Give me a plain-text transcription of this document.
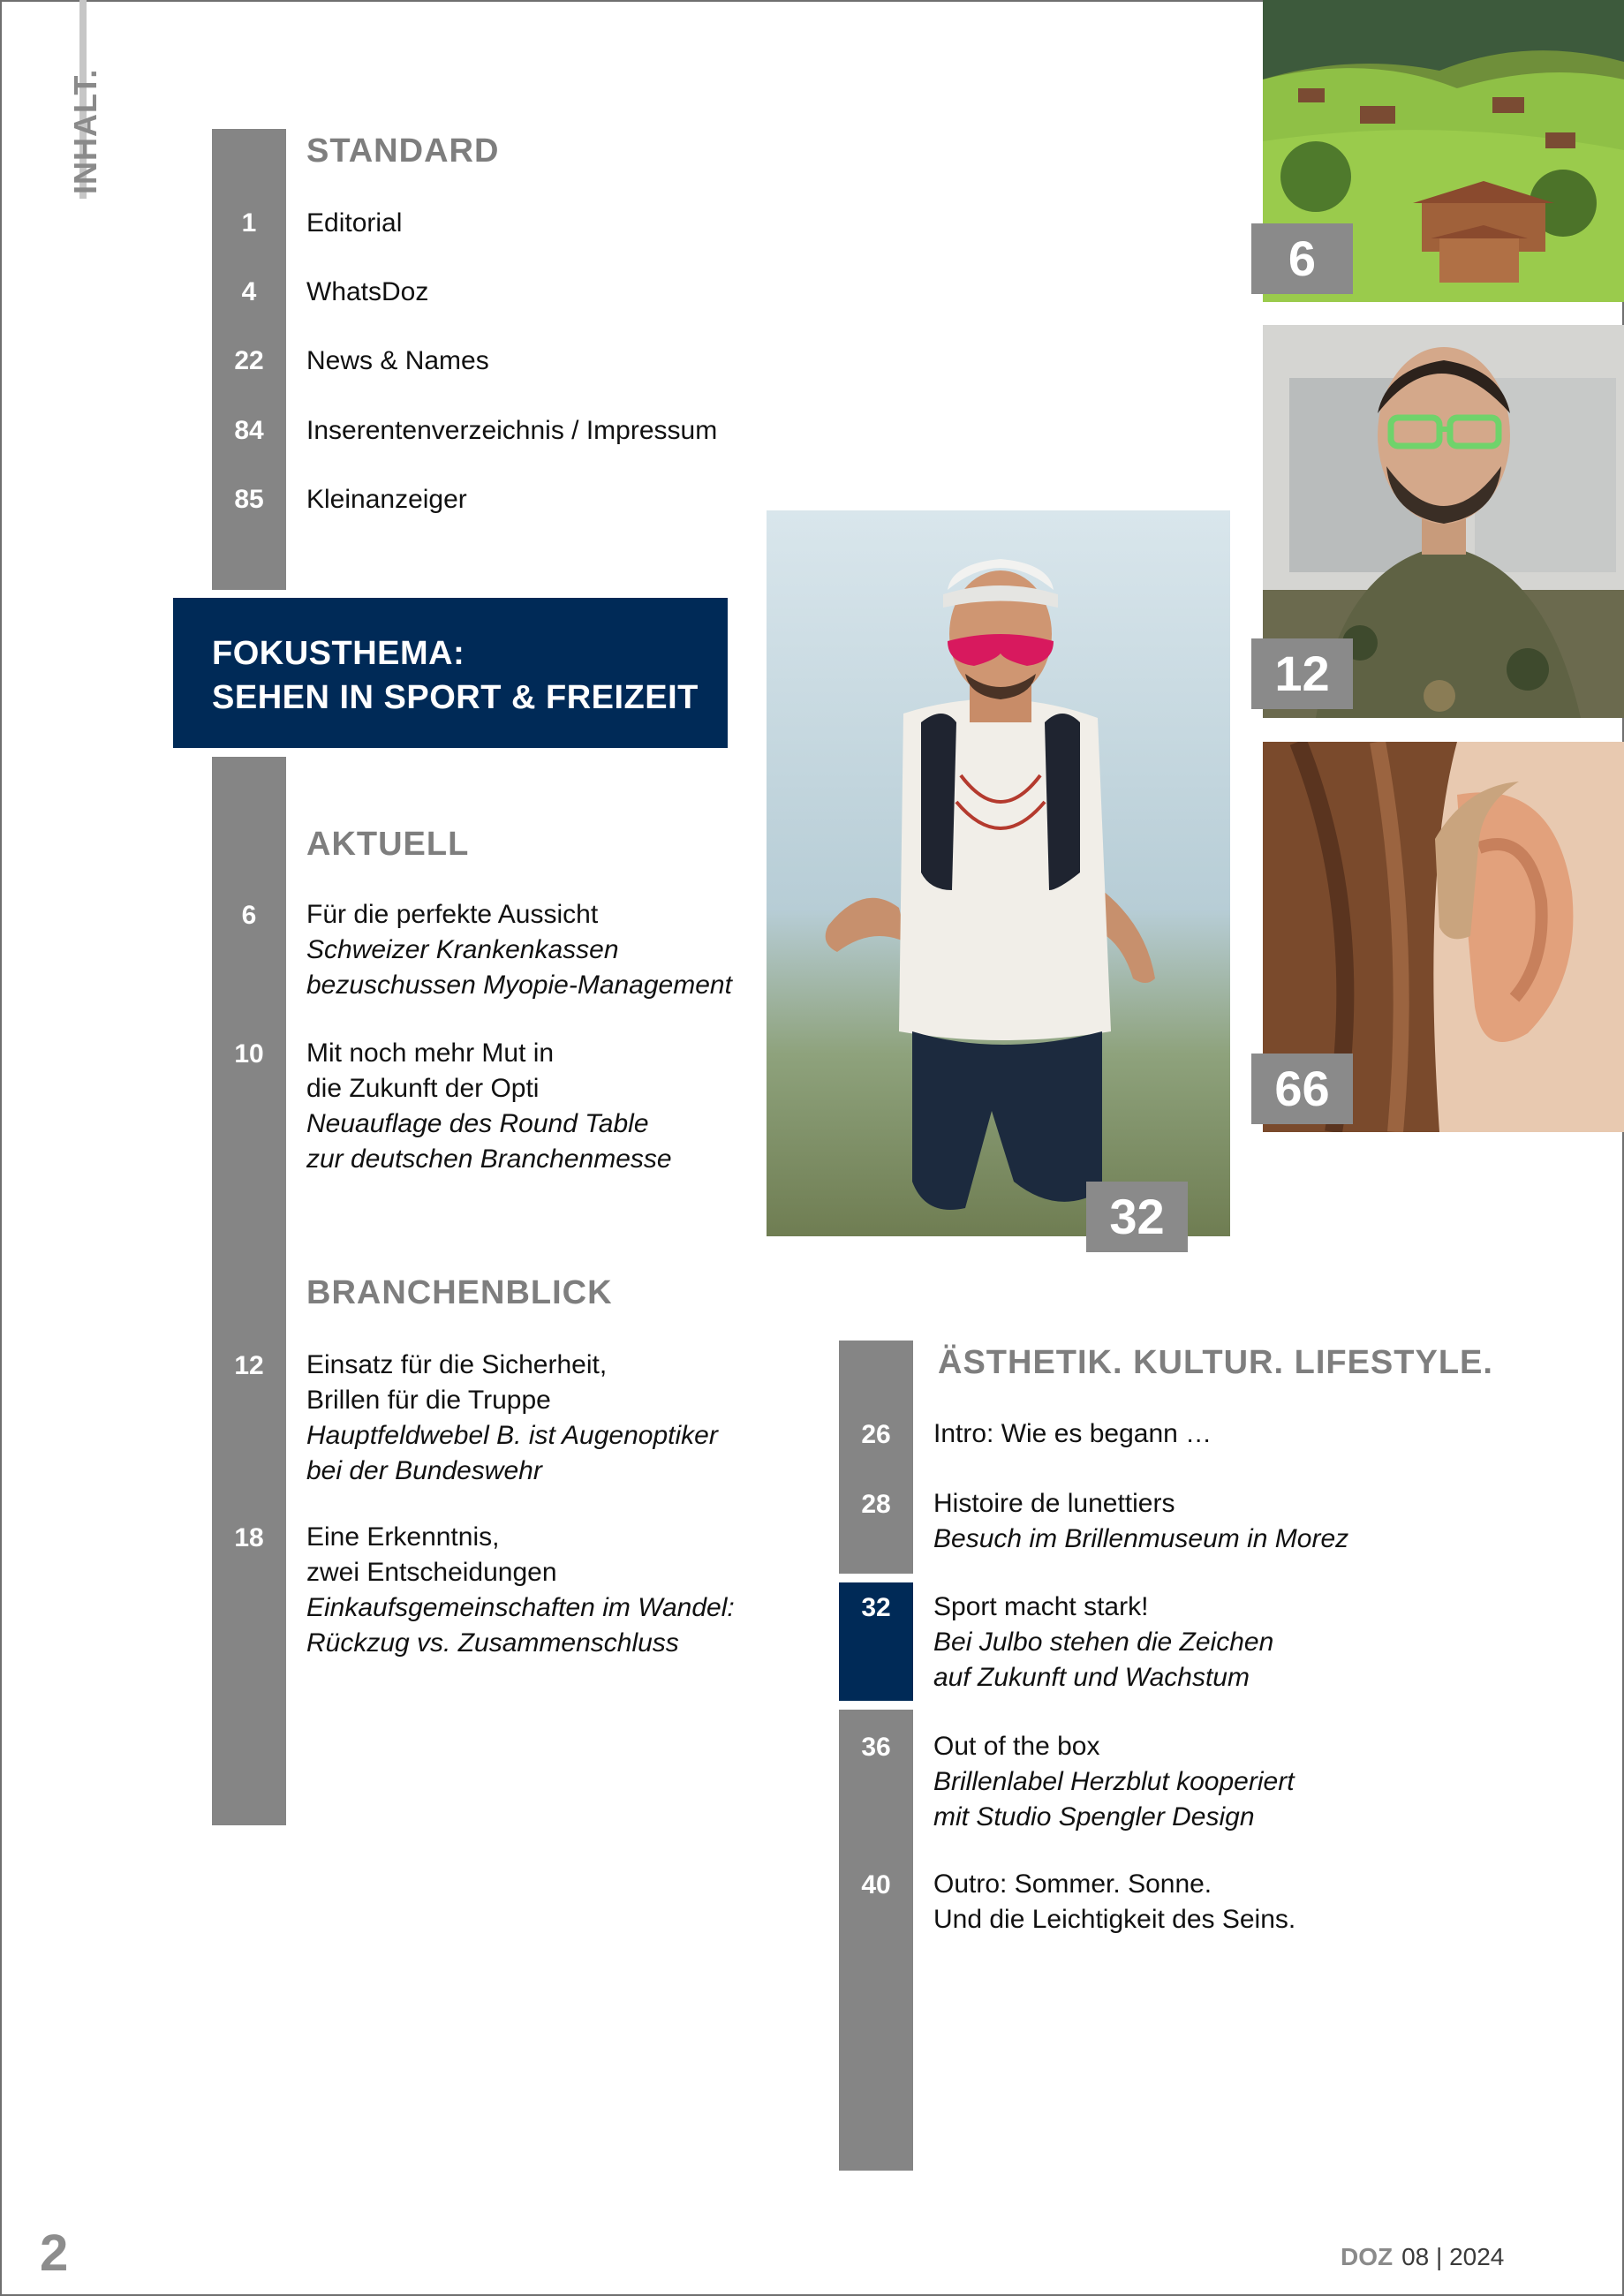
INHALT.	STANDARD
1	Editorial
4	WhatsDoz
22	News & Names
84	Inserentenverzeichnis / Impressum
85	Kleinanzeiger
FOKUSTHEMA:
SEHEN IN SPORT & FREIZEIT
AKTUELL
6	Für die perfekte Aussicht
Schweizer Krankenkassen
bezuschussen Myopie-Management
10	Mit noch mehr Mut in
die Zukunft der Opti
Neuauflage des Round Table
zur deutschen Branchenmesse
BRANCHENBLICK
12	Einsatz für die Sicherheit,
Brillen für die Truppe
Hauptfeldwebel B. ist Augenoptiker
bei der Bundeswehr
18	Eine Erkenntnis,
zwei Entscheidungen
Einkaufsgemeinschaften im Wandel:
Rückzug vs. Zusammenschluss
ÄSTHETIK. KULTUR. LIFESTYLE.
26	Intro: Wie es begann …
28	Histoire de lunettiers
Besuch im Brillenmuseum in Morez
32	Sport macht stark!
Bei Julbo stehen die Zeichen
auf Zukunft und Wachstum
36	Out of the box
Brillenlabel Herzblut kooperiert
mit Studio Spengler Design
40	Outro: Sommer. Sonne.
Und die Leichtigkeit des Seins.
6
12
66
32
2	DOZ 08 | 2024
